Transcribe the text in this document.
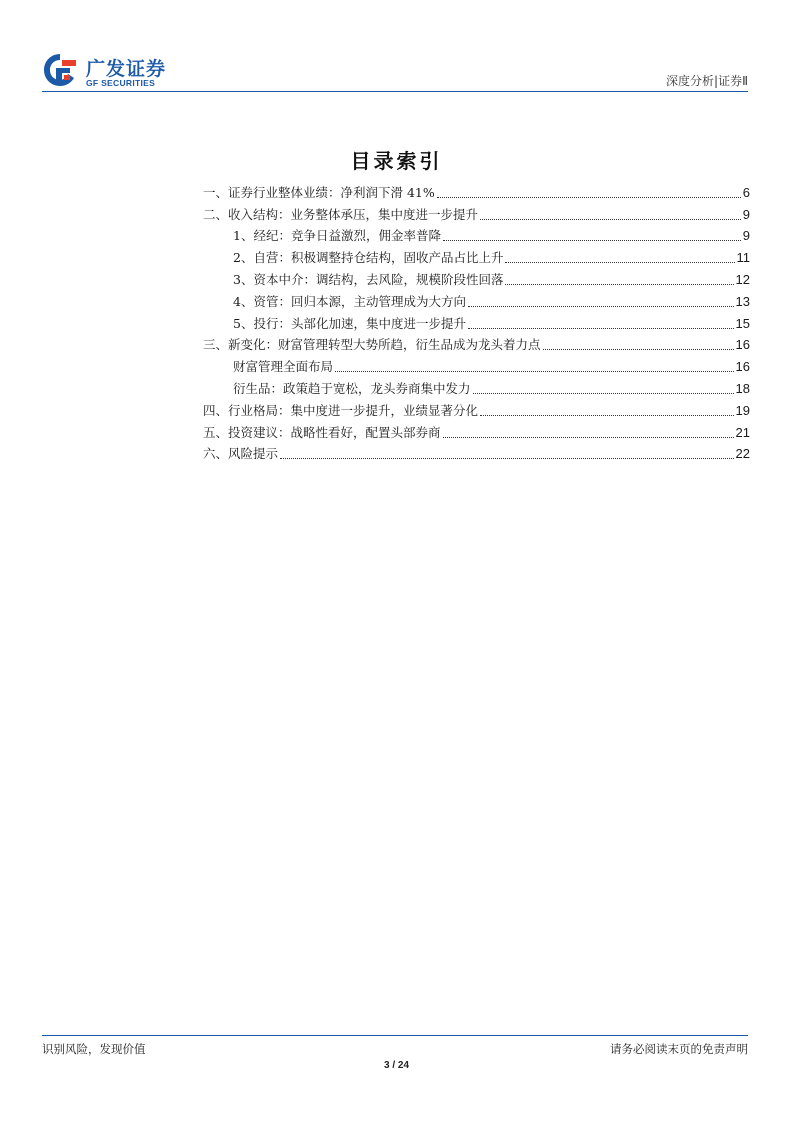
广发证券
GF SECURITIES	深度分析|证券Ⅱ
目录索引
一、证券行业整体业绩：净利润下滑 41%	6
二、收入结构：业务整体承压，集中度进一步提升	9
1、经纪：竞争日益激烈，佣金率普降	9
2、自营：积极调整持仓结构，固收产品占比上升	11
3、资本中介：调结构，去风险，规模阶段性回落	12
4、资管：回归本源，主动管理成为大方向	13
5、投行：头部化加速，集中度进一步提升	15
三、新变化：财富管理转型大势所趋，衍生品成为龙头着力点	16
财富管理全面布局	16
衍生品：政策趋于宽松，龙头券商集中发力	18
四、行业格局：集中度进一步提升，业绩显著分化	19
五、投资建议：战略性看好，配置头部券商	21
六、风险提示	22
识别风险，发现价值	请务必阅读末页的免责声明
3 / 24
